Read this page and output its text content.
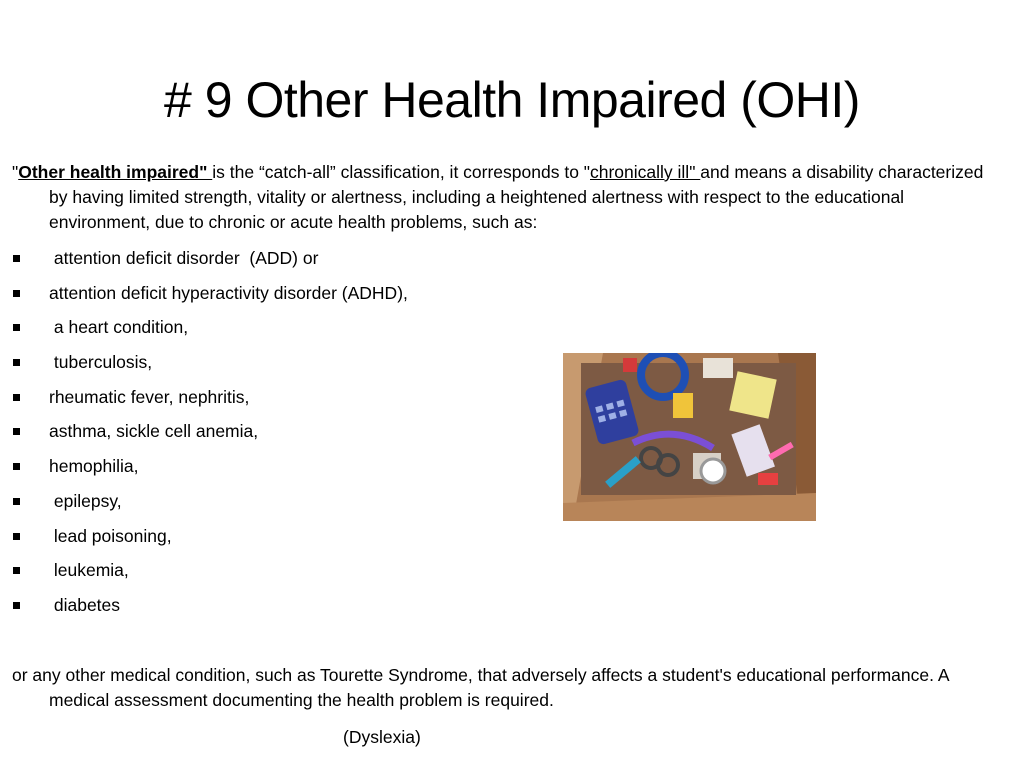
# 9 Other Health Impaired (OHI)
"Other health impaired" is the “catch-all” classification, it corresponds to "chronically ill" and means a disability characterized by having limited strength, vitality or alertness, including a heightened alertness with respect to the educational environment, due to chronic or acute health problems, such as:
attention deficit disorder  (ADD) or
attention deficit hyperactivity disorder (ADHD),
a heart condition,
tuberculosis,
rheumatic fever, nephritis,
asthma, sickle cell anemia,
hemophilia,
epilepsy,
lead poisoning,
leukemia,
diabetes
or any other medical condition, such as Tourette Syndrome, that adversely affects a student's educational performance. A medical assessment documenting the health problem is required.
(Dyslexia)
